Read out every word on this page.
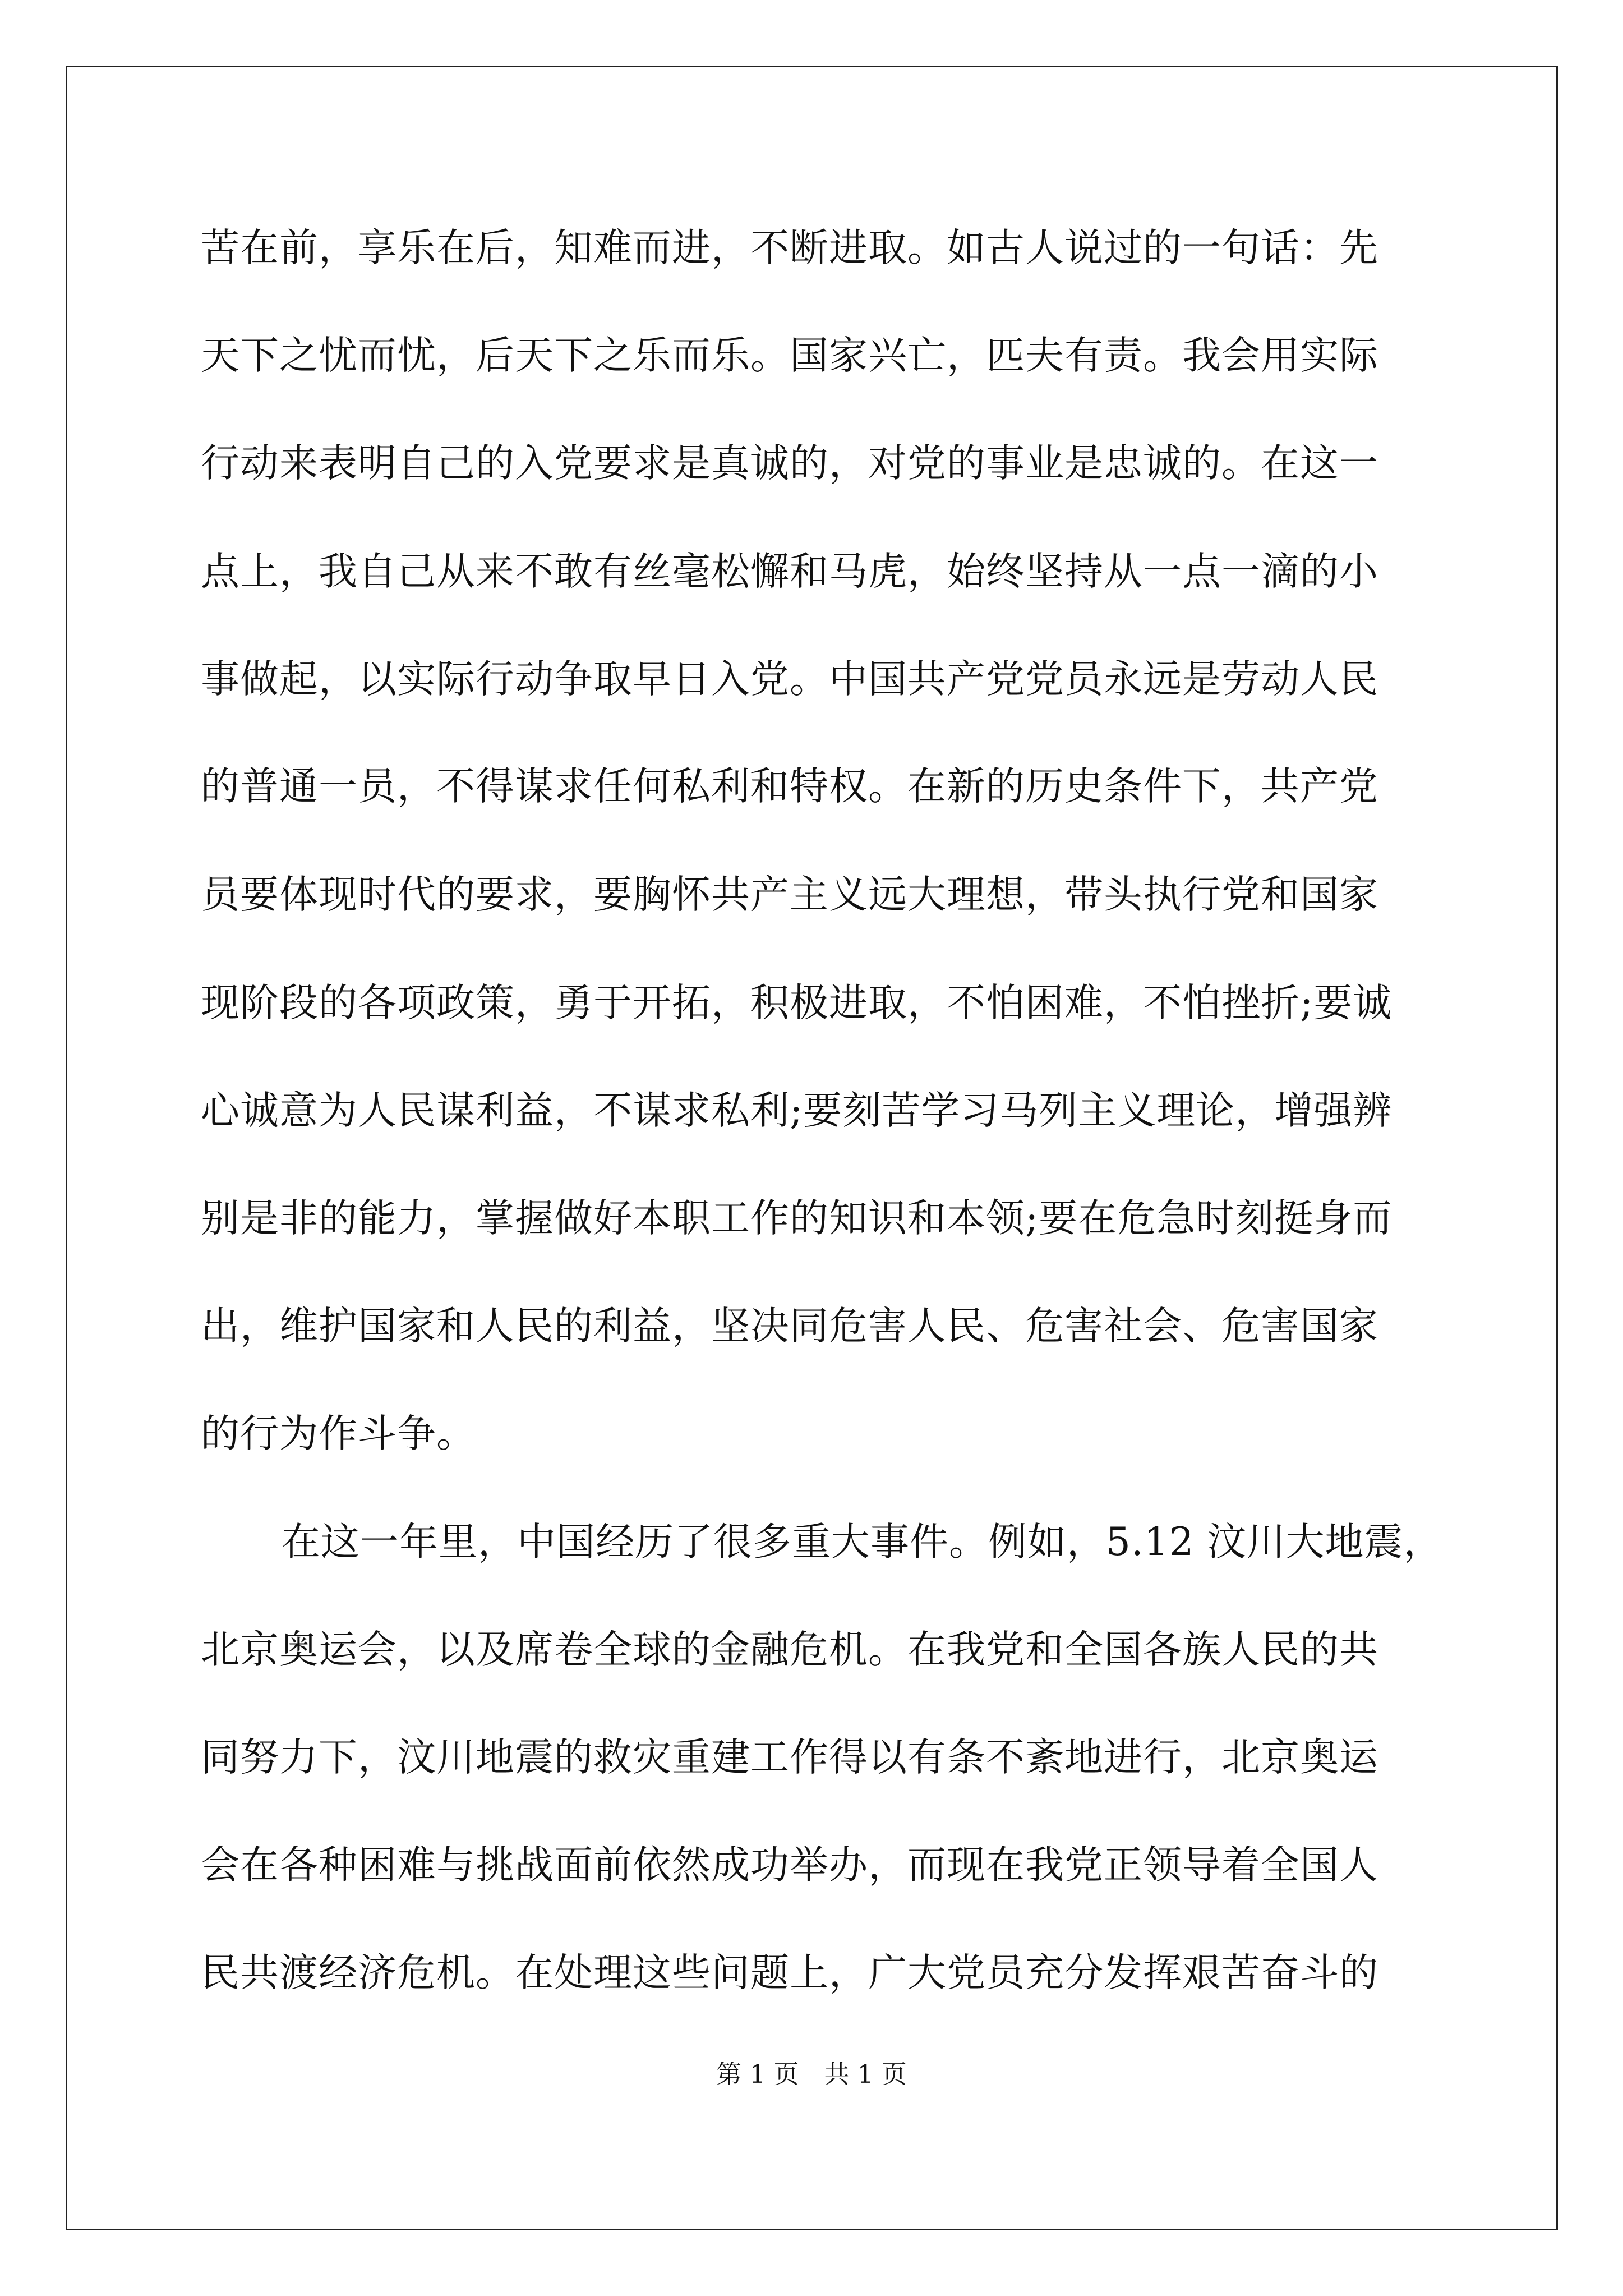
苦在前，享乐在后，知难而进，不断进取。如古人说过的一句话：先
天下之忧而忧，后天下之乐而乐。国家兴亡，匹夫有责。我会用实际
行动来表明自己的入党要求是真诚的，对党的事业是忠诚的。在这一
点上，我自己从来不敢有丝毫松懈和马虎，始终坚持从一点一滴的小
事做起，以实际行动争取早日入党。中国共产党党员永远是劳动人民
的普通一员，不得谋求任何私利和特权。在新的历史条件下，共产党
员要体现时代的要求，要胸怀共产主义远大理想，带头执行党和国家
现阶段的各项政策，勇于开拓，积极进取，不怕困难，不怕挫折;要诚
心诚意为人民谋利益，不谋求私利;要刻苦学习马列主义理论，增强辨
别是非的能力，掌握做好本职工作的知识和本领;要在危急时刻挺身而
出，维护国家和人民的利益，坚决同危害人民、危害社会、危害国家
的行为作斗争。
在这一年里，中国经历了很多重大事件。例如，5.12 汶川大地震，
北京奥运会，以及席卷全球的金融危机。在我党和全国各族人民的共
同努力下，汶川地震的救灾重建工作得以有条不紊地进行，北京奥运
会在各种困难与挑战面前依然成功举办，而现在我党正领导着全国人
民共渡经济危机。在处理这些问题上，广大党员充分发挥艰苦奋斗的
第 1 页　共 1 页
